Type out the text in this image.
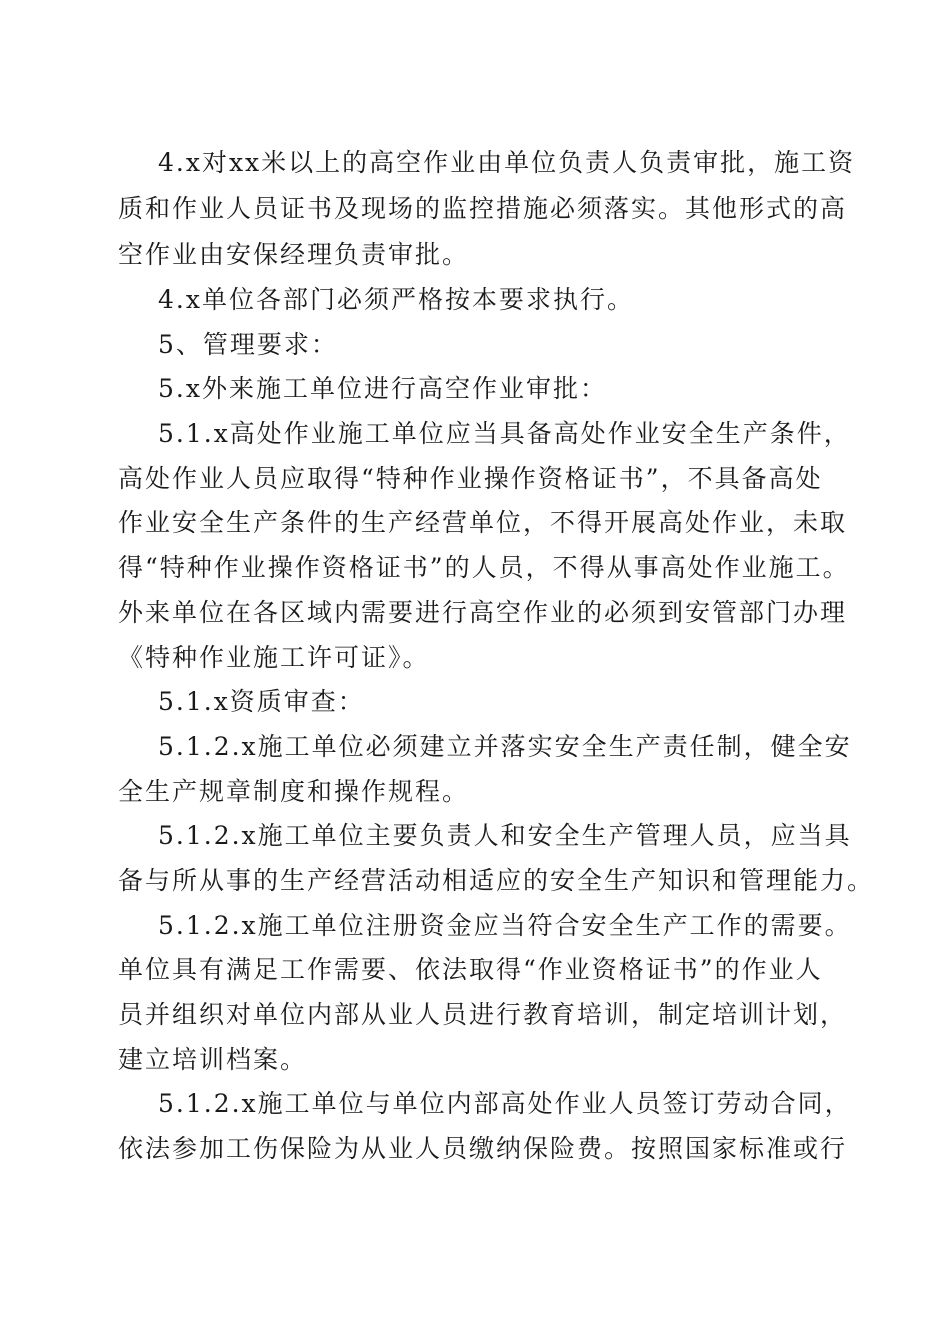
4.x对xx米以上的高空作业由单位负责人负责审批，施工资
质和作业人员证书及现场的监控措施必须落实。其他形式的高
空作业由安保经理负责审批。
4.x单位各部门必须严格按本要求执行。
5、管理要求：
5.x外来施工单位进行高空作业审批：
5.1.x高处作业施工单位应当具备高处作业安全生产条件，
高处作业人员应取得“特种作业操作资格证书”，不具备高处
作业安全生产条件的生产经营单位，不得开展高处作业，未取
得“特种作业操作资格证书”的人员，不得从事高处作业施工。
外来单位在各区域内需要进行高空作业的必须到安管部门办理
《特种作业施工许可证》。
5.1.x资质审查：
5.1.2.x施工单位必须建立并落实安全生产责任制，健全安
全生产规章制度和操作规程。
5.1.2.x施工单位主要负责人和安全生产管理人员，应当具
备与所从事的生产经营活动相适应的安全生产知识和管理能力。
5.1.2.x施工单位注册资金应当符合安全生产工作的需要。
单位具有满足工作需要、依法取得“作业资格证书”的作业人
员并组织对单位内部从业人员进行教育培训，制定培训计划，
建立培训档案。
5.1.2.x施工单位与单位内部高处作业人员签订劳动合同，
依法参加工伤保险为从业人员缴纳保险费。按照国家标准或行
